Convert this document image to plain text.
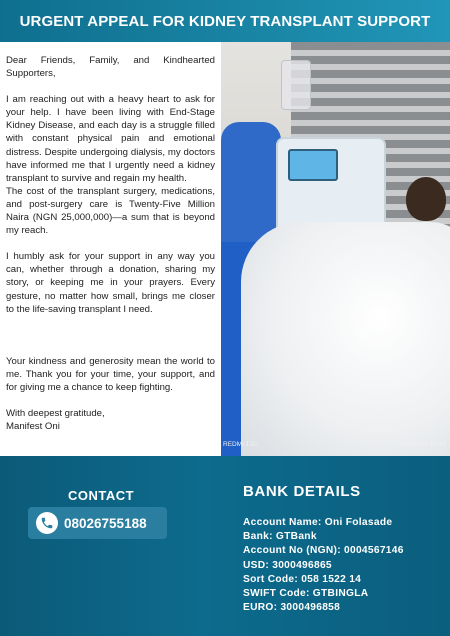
URGENT APPEAL FOR KIDNEY TRANSPLANT SUPPORT

Dear Friends, Family, and Kindhearted Supporters,

I am reaching out with a heavy heart to ask for your help. I have been living with End-Stage Kidney Disease, and each day is a struggle filled with constant physical pain and emotional distress. Despite undergoing dialysis, my doctors have informed me that I urgently need a kidney transplant to survive and regain my health.

The cost of the transplant surgery, medications, and post-surgery care is Twenty-Five Million Naira (NGN 25,000,000)—a sum that is beyond my reach.

I humbly ask for your support in any way you can, whether through a donation, sharing my story, or keeping me in your prayers. Every gesture, no matter how small, brings me closer to the life-saving transplant I need.

Your kindness and generosity mean the world to me. Thank you for your time, your support, and for giving me a chance to keep fighting.

With deepest gratitude,

Manifest Oni

REDMI 13C	12/11/2024 10:31
CONTACT
08026755188
BANK DETAILS
Account Name: Oni Folasade
Bank: GTBank
Account No (NGN): 0004567146
USD: 3000496865
Sort Code: 058 1522 14
SWIFT Code: GTBINGLA
EURO: 3000496858
